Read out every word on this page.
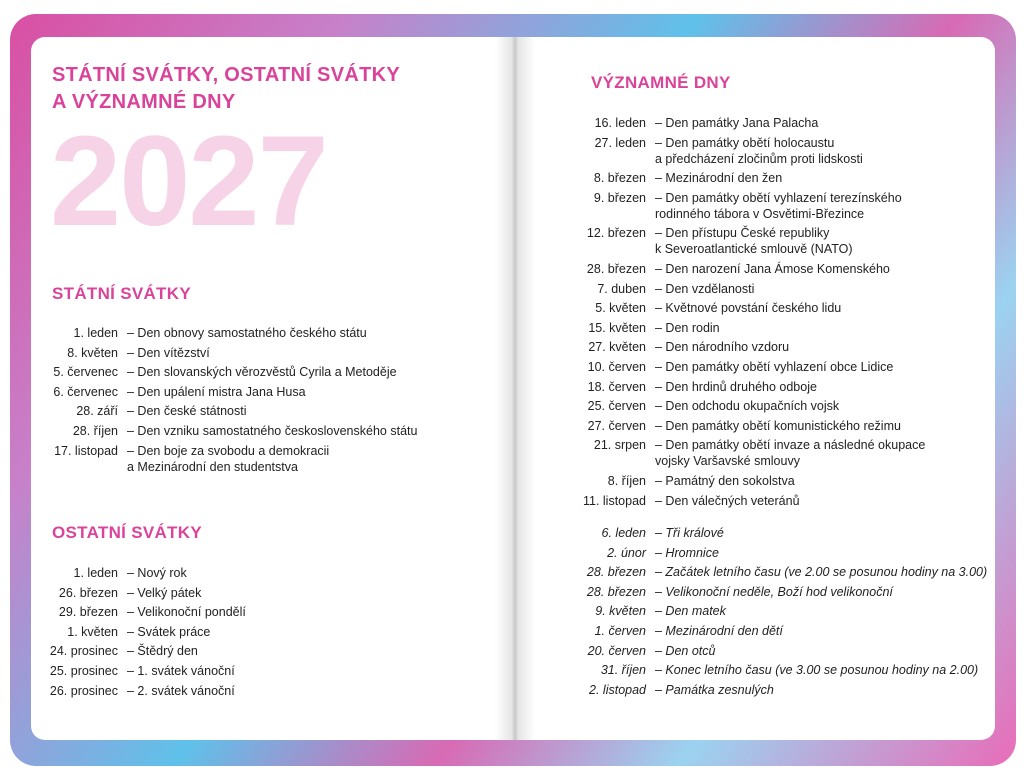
STÁTNÍ SVÁTKY, OSTATNÍ SVÁTKY
A VÝZNAMNÉ DNY
2027
STÁTNÍ SVÁTKY
1. leden – Den obnovy samostatného českého státu
8. květen – Den vítězství
5. červenec – Den slovanských věrozvěstů Cyrila a Metoděje
6. červenec – Den upálení mistra Jana Husa
28. září – Den české státnosti
28. říjen – Den vzniku samostatného československého státu
17. listopad – Den boje za svobodu a demokracii
a Mezinárodní den studentstva
OSTATNÍ SVÁTKY
1. leden – Nový rok
26. březen – Velký pátek
29. březen – Velikonoční pondělí
1. květen – Svátek práce
24. prosinec – Štědrý den
25. prosinec – 1. svátek vánoční
26. prosinec – 2. svátek vánoční
VÝZNAMNÉ DNY
16. leden – Den památky Jana Palacha
27. leden – Den památky obětí holocaustu
a předcházení zločinům proti lidskosti
8. březen – Mezinárodní den žen
9. březen – Den památky obětí vyhlazení terezínského
rodinného tábora v Osvětimi-Březince
12. březen – Den přístupu České republiky
k Severoatlantické smlouvě (NATO)
28. březen – Den narození Jana Ámose Komenského
7. duben – Den vzdělanosti
5. květen – Květnové povstání českého lidu
15. květen – Den rodin
27. květen – Den národního vzdoru
10. červen – Den památky obětí vyhlazení obce Lidice
18. červen – Den hrdinů druhého odboje
25. červen – Den odchodu okupačních vojsk
27. červen – Den památky obětí komunistického režimu
21. srpen – Den památky obětí invaze a následné okupace
vojsky Varšavské smlouvy
8. říjen – Památný den sokolstva
11. listopad – Den válečných veteránů
6. leden – Tři králové
2. únor – Hromnice
28. březen – Začátek letního času (ve 2.00 se posunou hodiny na 3.00)
28. březen – Velikonoční neděle, Boží hod velikonoční
9. květen – Den matek
1. červen – Mezinárodní den dětí
20. červen – Den otců
31. říjen – Konec letního času (ve 3.00 se posunou hodiny na 2.00)
2. listopad – Památka zesnulých
